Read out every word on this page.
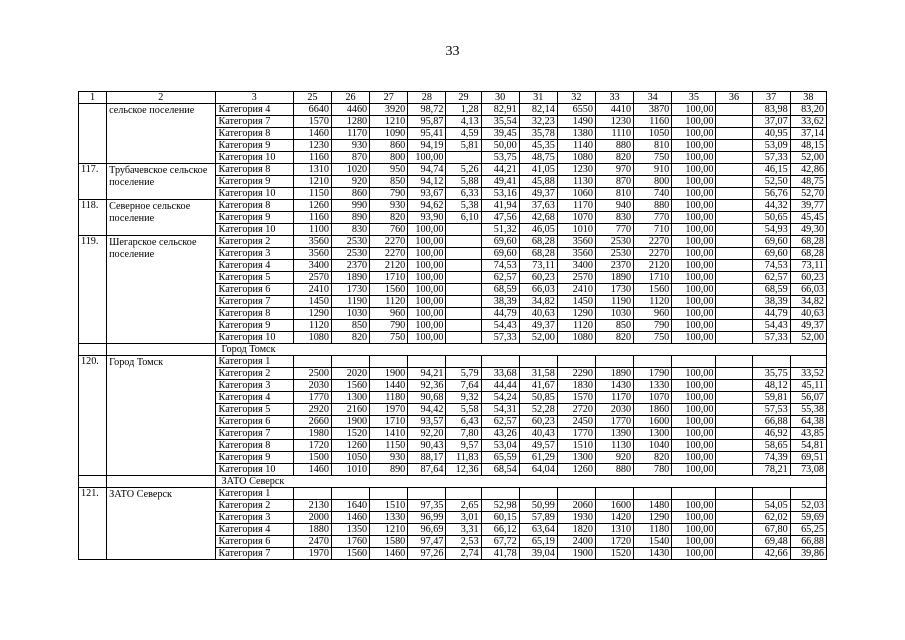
33
1	2	3	25	26	27	28	29	30	31	32	33	34	35	36	37	38
	сельское поселение	Категория 4	6640	4460	3920	98,72	1,28	82,91	82,14	6550	4410	3870	100,00		83,98	83,20
		Категория 7	1570	1280	1210	95,87	4,13	35,54	32,23	1490	1230	1160	100,00		37,07	33,62
		Категория 8	1460	1170	1090	95,41	4,59	39,45	35,78	1380	1110	1050	100,00		40,95	37,14
		Категория 9	1230	930	860	94,19	5,81	50,00	45,35	1140	880	810	100,00		53,09	48,15
		Категория 10	1160	870	800	100,00		53,75	48,75	1080	820	750	100,00		57,33	52,00
117.	Трубачевское сельское поселение	Категория 8	1310	1020	950	94,74	5,26	44,21	41,05	1230	970	910	100,00		46,15	42,86
		Категория 9	1210	920	850	94,12	5,88	49,41	45,88	1130	870	800	100,00		52,50	48,75
		Категория 10	1150	860	790	93,67	6,33	53,16	49,37	1060	810	740	100,00		56,76	52,70
118.	Северное сельское поселение	Категория 8	1260	990	930	94,62	5,38	41,94	37,63	1170	940	880	100,00		44,32	39,77
		Категория 9	1160	890	820	93,90	6,10	47,56	42,68	1070	830	770	100,00		50,65	45,45
		Категория 10	1100	830	760	100,00		51,32	46,05	1010	770	710	100,00		54,93	49,30
119.	Шегарское сельское поселение	Категория 2	3560	2530	2270	100,00		69,60	68,28	3560	2530	2270	100,00		69,60	68,28
		Категория 3	3560	2530	2270	100,00		69,60	68,28	3560	2530	2270	100,00		69,60	68,28
		Категория 4	3400	2370	2120	100,00		74,53	73,11	3400	2370	2120	100,00		74,53	73,11
		Категория 5	2570	1890	1710	100,00		62,57	60,23	2570	1890	1710	100,00		62,57	60,23
		Категория 6	2410	1730	1560	100,00		68,59	66,03	2410	1730	1560	100,00		68,59	66,03
		Категория 7	1450	1190	1120	100,00		38,39	34,82	1450	1190	1120	100,00		38,39	34,82
		Категория 8	1290	1030	960	100,00		44,79	40,63	1290	1030	960	100,00		44,79	40,63
		Категория 9	1120	850	790	100,00		54,43	49,37	1120	850	790	100,00		54,43	49,37
		Категория 10	1080	820	750	100,00		57,33	52,00	1080	820	750	100,00		57,33	52,00
		Город Томск														
120.	Город Томск	Категория 1														
		Категория 2	2500	2020	1900	94,21	5,79	33,68	31,58	2290	1890	1790	100,00		35,75	33,52
		Категория 3	2030	1560	1440	92,36	7,64	44,44	41,67	1830	1430	1330	100,00		48,12	45,11
		Категория 4	1770	1300	1180	90,68	9,32	54,24	50,85	1570	1170	1070	100,00		59,81	56,07
		Категория 5	2920	2160	1970	94,42	5,58	54,31	52,28	2720	2030	1860	100,00		57,53	55,38
		Категория 6	2660	1900	1710	93,57	6,43	62,57	60,23	2450	1770	1600	100,00		66,88	64,38
		Категория 7	1980	1520	1410	92,20	7,80	43,26	40,43	1770	1390	1300	100,00		46,92	43,85
		Категория 8	1720	1260	1150	90,43	9,57	53,04	49,57	1510	1130	1040	100,00		58,65	54,81
		Категория 9	1500	1050	930	88,17	11,83	65,59	61,29	1300	920	820	100,00		74,39	69,51
		Категория 10	1460	1010	890	87,64	12,36	68,54	64,04	1260	880	780	100,00		78,21	73,08
		ЗАТО Северск														
121.	ЗАТО Северск	Категория 1														
		Категория 2	2130	1640	1510	97,35	2,65	52,98	50,99	2060	1600	1480	100,00		54,05	52,03
		Категория 3	2000	1460	1330	96,99	3,01	60,15	57,89	1930	1420	1290	100,00		62,02	59,69
		Категория 4	1880	1350	1210	96,69	3,31	66,12	63,64	1820	1310	1180	100,00		67,80	65,25
		Категория 6	2470	1760	1580	97,47	2,53	67,72	65,19	2400	1720	1540	100,00		69,48	66,88
		Категория 7	1970	1560	1460	97,26	2,74	41,78	39,04	1900	1520	1430	100,00		42,66	39,86
